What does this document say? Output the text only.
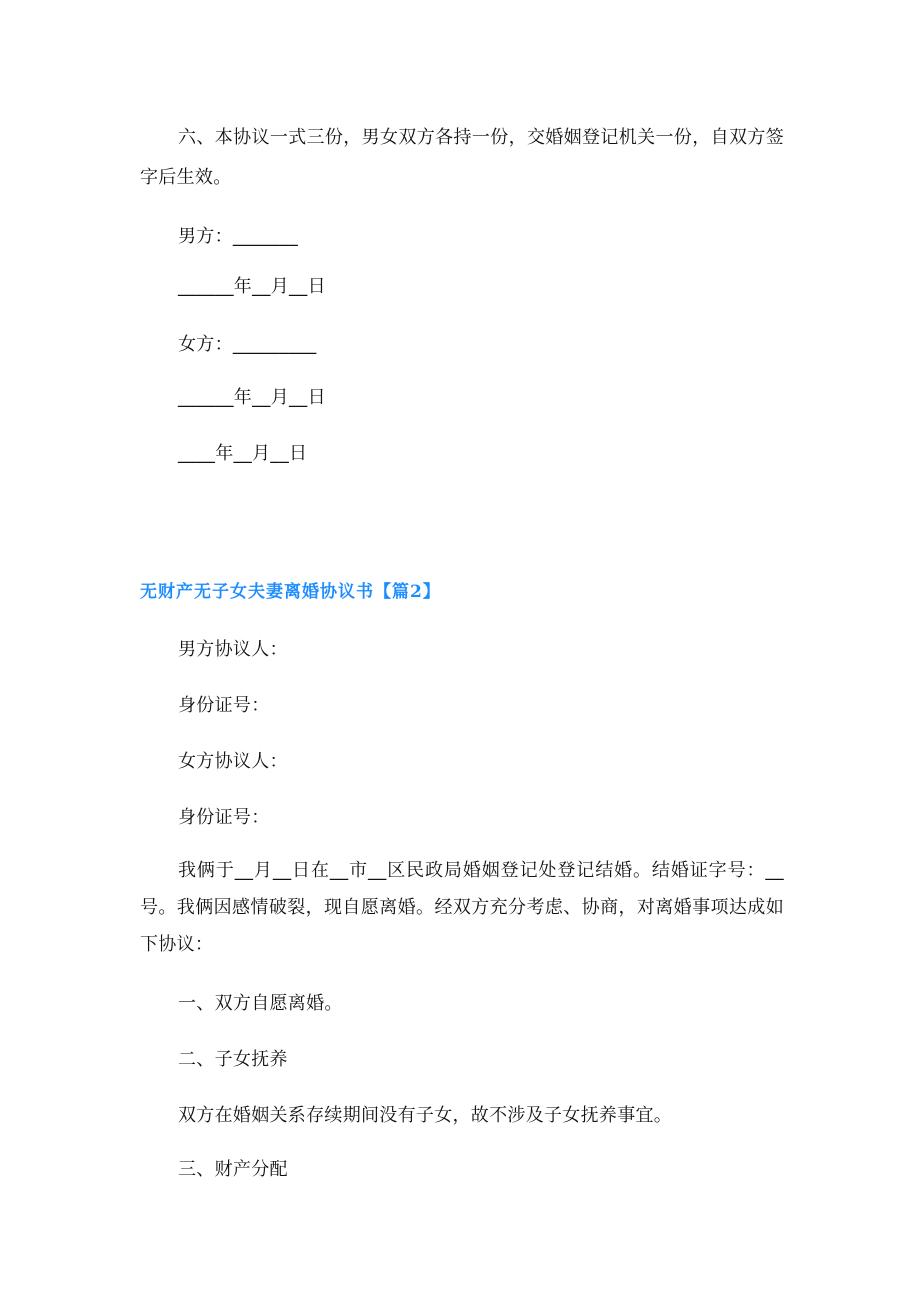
六、本协议一式三份，男女双方各持一份，交婚姻登记机关一份，自双方签字后生效。

男方：_______

______年__月__日

女方：_________

______年__月__日

____年__月__日

无财产无子女夫妻离婚协议书【篇2】

男方协议人：

身份证号：

女方协议人：

身份证号：

我俩于__月__日在__市__区民政局婚姻登记处登记结婚。结婚证字号：__号。我俩因感情破裂，现自愿离婚。经双方充分考虑、协商，对离婚事项达成如下协议：

一、双方自愿离婚。

二、子女抚养

双方在婚姻关系存续期间没有子女，故不涉及子女抚养事宜。

三、财产分配
